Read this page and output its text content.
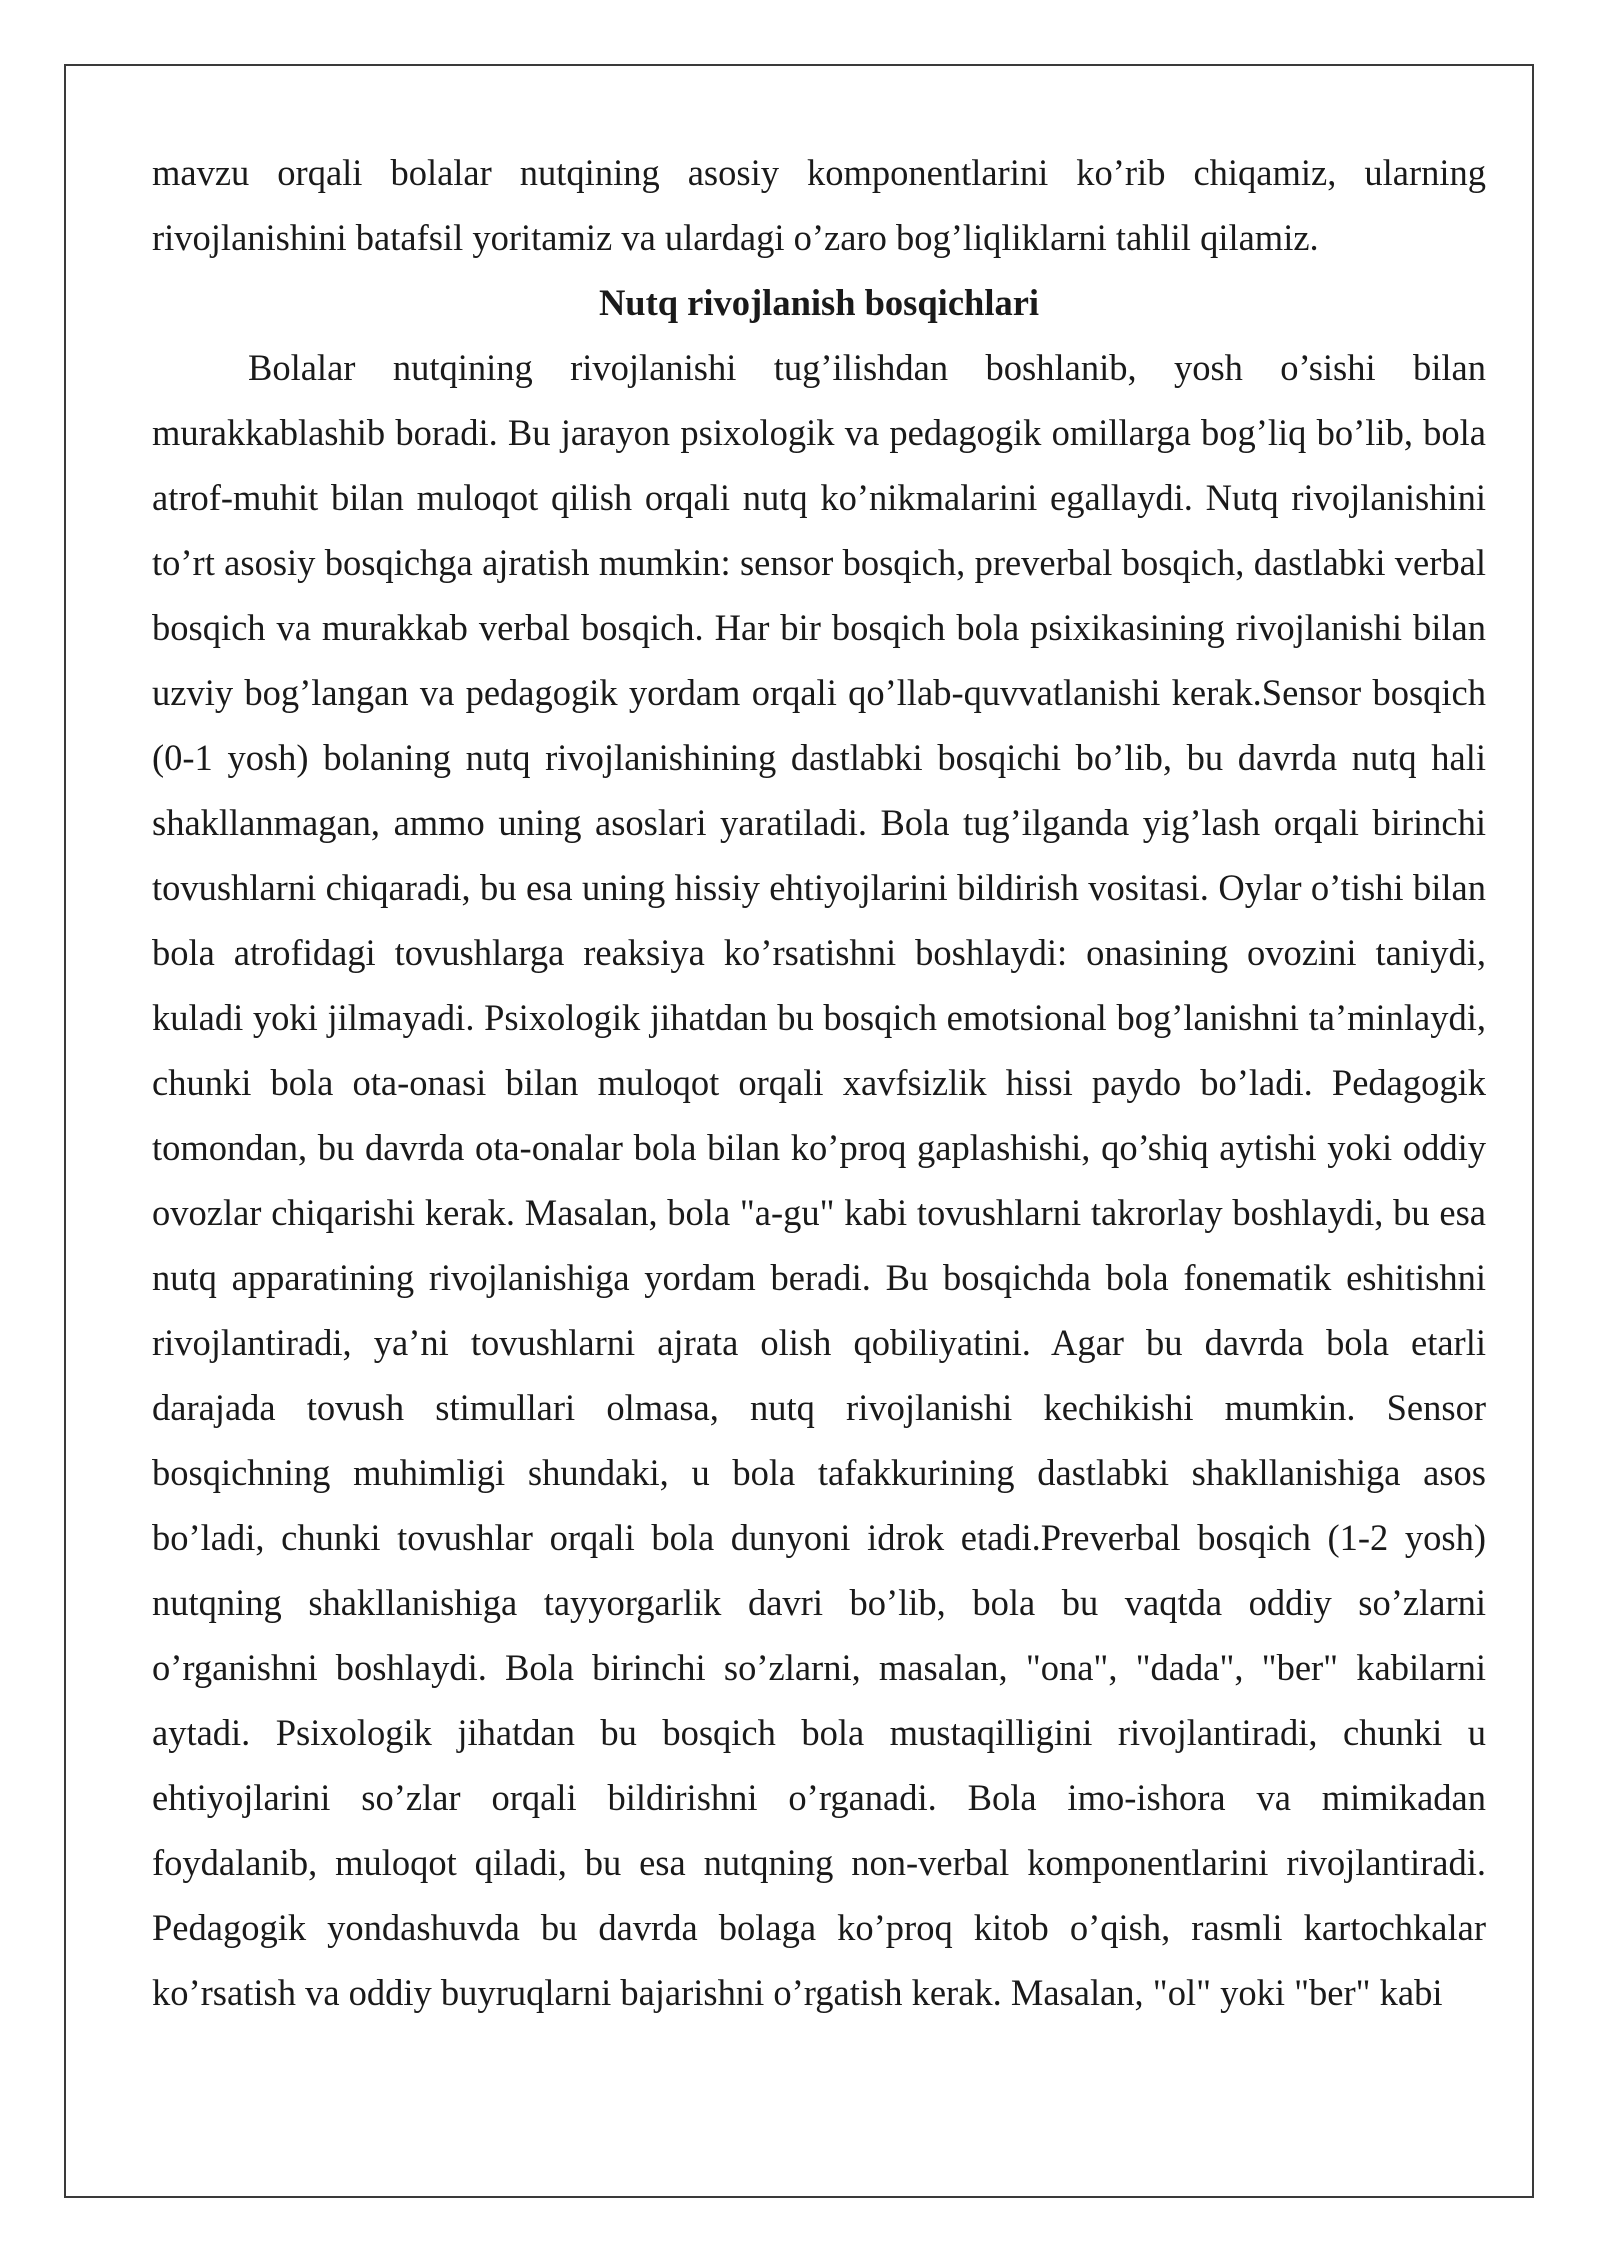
mavzu orqali bolalar nutqining asosiy komponentlarini ko’rib chiqamiz, ularning rivojlanishini batafsil yoritamiz va ulardagi o’zaro bog’liqliklarni tahlil qilamiz.

Nutq rivojlanish bosqichlari

Bolalar nutqining rivojlanishi tug’ilishdan boshlanib, yosh o’sishi bilan murakkablashib boradi. Bu jarayon psixologik va pedagogik omillarga bog’liq bo’lib, bola atrof-muhit bilan muloqot qilish orqali nutq ko’nikmalarini egallaydi. Nutq rivojlanishini to’rt asosiy bosqichga ajratish mumkin: sensor bosqich, preverbal bosqich, dastlabki verbal bosqich va murakkab verbal bosqich. Har bir bosqich bola psixikasining rivojlanishi bilan uzviy bog’langan va pedagogik yordam orqali qo’llab-quvvatlanishi kerak.Sensor bosqich (0-1 yosh) bolaning nutq rivojlanishining dastlabki bosqichi bo’lib, bu davrda nutq hali shakllanmagan, ammo uning asoslari yaratiladi. Bola tug’ilganda yig’lash orqali birinchi tovushlarni chiqaradi, bu esa uning hissiy ehtiyojlarini bildirish vositasi. Oylar o’tishi bilan bola atrofidagi tovushlarga reaksiya ko’rsatishni boshlaydi: onasining ovozini taniydi, kuladi yoki jilmayadi. Psixologik jihatdan bu bosqich emotsional bog’lanishni ta’minlaydi, chunki bola ota-onasi bilan muloqot orqali xavfsizlik hissi paydo bo’ladi. Pedagogik tomondan, bu davrda ota-onalar bola bilan ko’proq gaplashishi, qo’shiq aytishi yoki oddiy ovozlar chiqarishi kerak. Masalan, bola "a-gu" kabi tovushlarni takrorlay boshlaydi, bu esa nutq apparatining rivojlanishiga yordam beradi. Bu bosqichda bola fonematik eshitishni rivojlantiradi, ya’ni tovushlarni ajrata olish qobiliyatini. Agar bu davrda bola etarli darajada tovush stimullari olmasa, nutq rivojlanishi kechikishi mumkin. Sensor bosqichning muhimligi shundaki, u bola tafakkurining dastlabki shakllanishiga asos bo’ladi, chunki tovushlar orqali bola dunyoni idrok etadi.Preverbal bosqich (1-2 yosh) nutqning shakllanishiga tayyorgarlik davri bo’lib, bola bu vaqtda oddiy so’zlarni o’rganishni boshlaydi. Bola birinchi so’zlarni, masalan, "ona", "dada", "ber" kabilarni aytadi. Psixologik jihatdan bu bosqich bola mustaqilligini rivojlantiradi, chunki u ehtiyojlarini so’zlar orqali bildirishni o’rganadi. Bola imo-ishora va mimikadan foydalanib, muloqot qiladi, bu esa nutqning non-verbal komponentlarini rivojlantiradi. Pedagogik yondashuvda bu davrda bolaga ko’proq kitob o’qish, rasmli kartochkalar ko’rsatish va oddiy buyruqlarni bajarishni o’rgatish kerak. Masalan, "ol" yoki "ber" kabi
